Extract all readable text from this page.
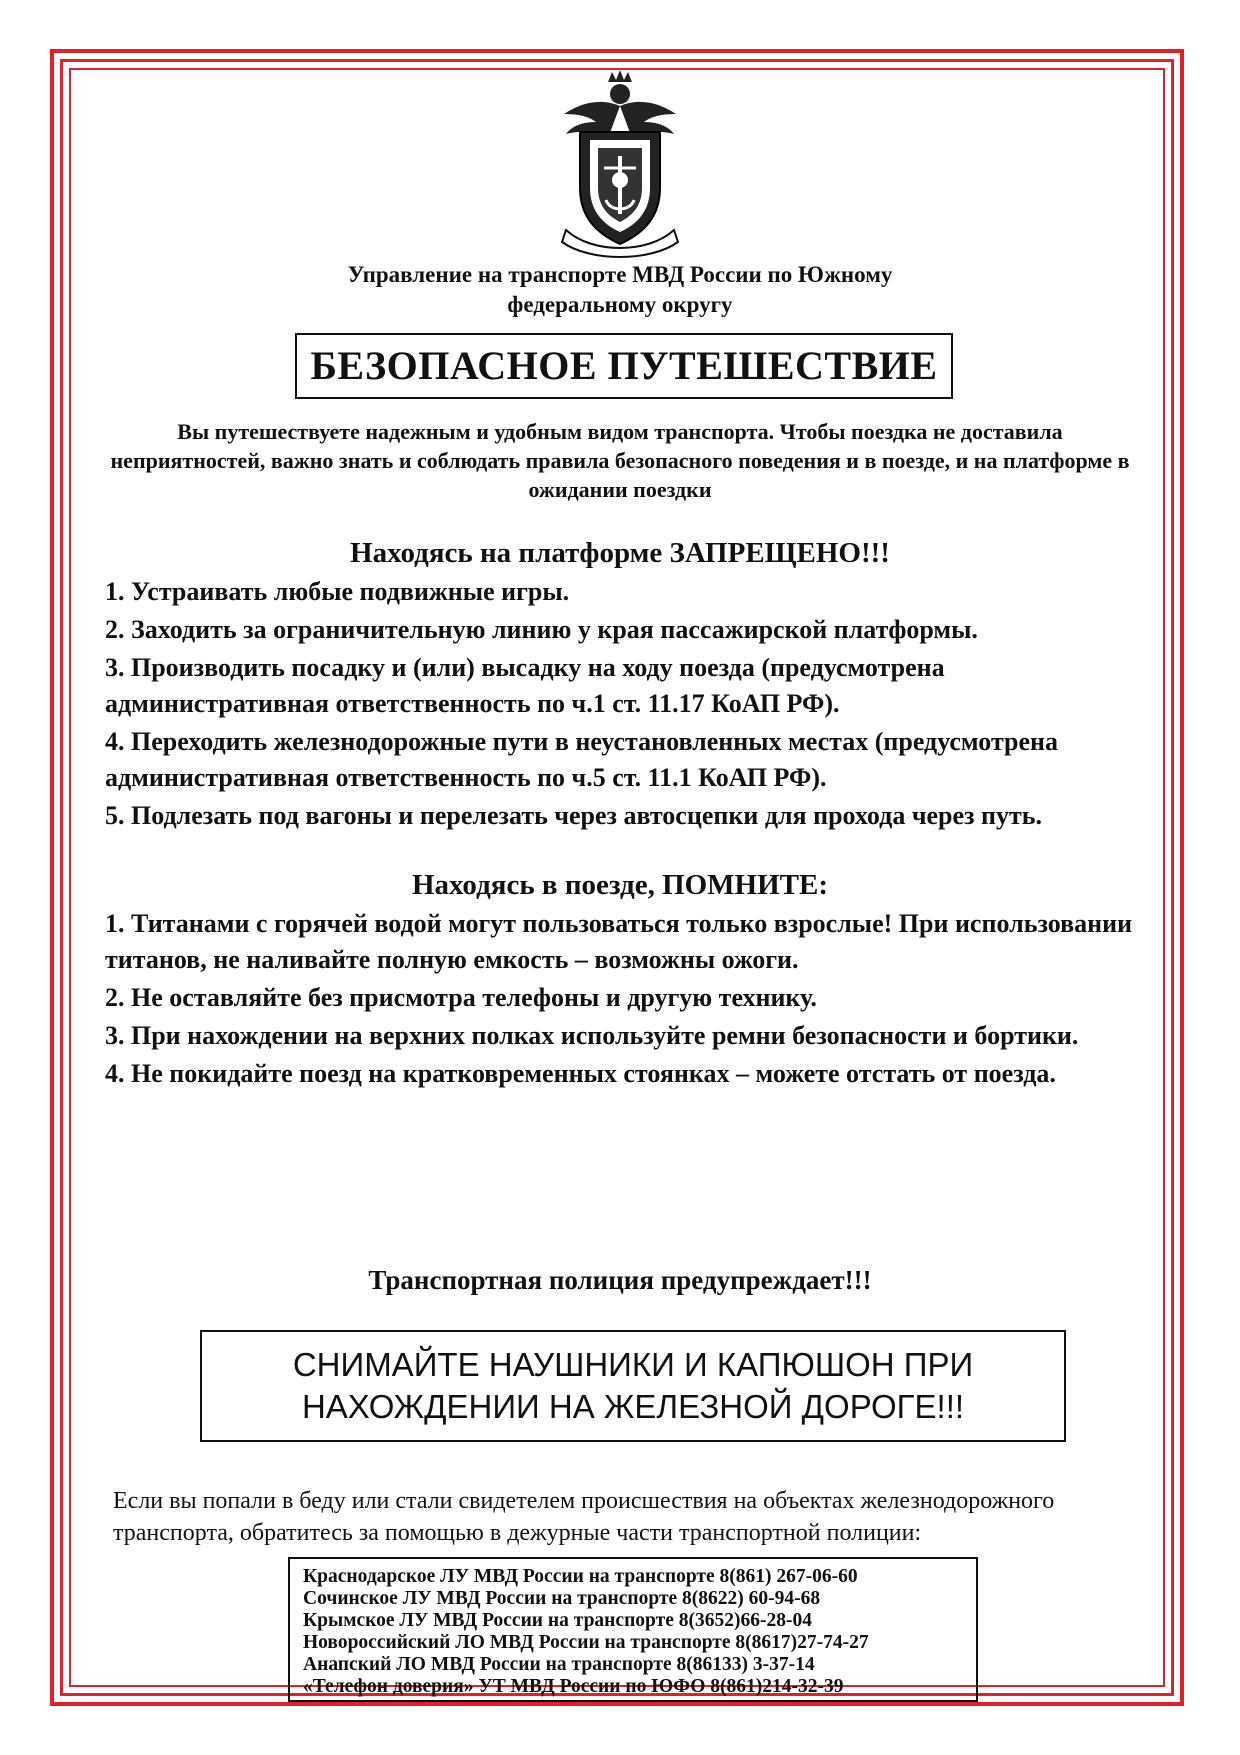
Управление на транспорте МВД России по Южному
федеральному округу
БЕЗОПАСНОЕ ПУТЕШЕСТВИЕ
Вы путешествуете надежным и удобным видом транспорта. Чтобы поездка не доставила неприятностей, важно знать и соблюдать правила безопасного поведения и в поезде, и на платформе в ожидании поездки
Находясь на платформе ЗАПРЕЩЕНО!!!

1. Устраивать любые подвижные игры.

2. Заходить за ограничительную линию у края пассажирской платформы.

3. Производить посадку и (или) высадку на ходу поезда (предусмотрена административная ответственность по ч.1 ст. 11.17 КоАП РФ).

4. Переходить железнодорожные пути в неустановленных местах (предусмотрена административная ответственность по ч.5 ст. 11.1 КоАП РФ).

5. Подлезать под вагоны и перелезать через автосцепки для прохода через путь.

Находясь в поезде, ПОМНИТЕ:

1. Титанами с горячей водой могут пользоваться только взрослые! При использовании титанов, не наливайте полную емкость – возможны ожоги.

2. Не оставляйте без присмотра телефоны и другую технику.

3. При нахождении на верхних полках используйте ремни безопасности и бортики.

4. Не покидайте поезд на кратковременных стоянках – можете отстать от поезда.

Транспортная полиция предупреждает!!!
СНИМАЙТЕ НАУШНИКИ И КАПЮШОН ПРИ
НАХОЖДЕНИИ НА ЖЕЛЕЗНОЙ ДОРОГЕ!!!
Если вы попали в беду или стали свидетелем происшествия на объектах железнодорожного транспорта, обратитесь за помощью в дежурные части транспортной полиции:
Краснодарское ЛУ МВД России на транспорте 8(861) 267-06-60
Сочинское ЛУ МВД России на транспорте 8(8622) 60-94-68
Крымское ЛУ МВД России на транспорте 8(3652)66-28-04
Новороссийский ЛО МВД России на транспорте 8(8617)27-74-27
Анапский ЛО МВД России на транспорте 8(86133) 3-37-14
«Телефон доверия» УТ МВД России по ЮФО 8(861)214-32-39
